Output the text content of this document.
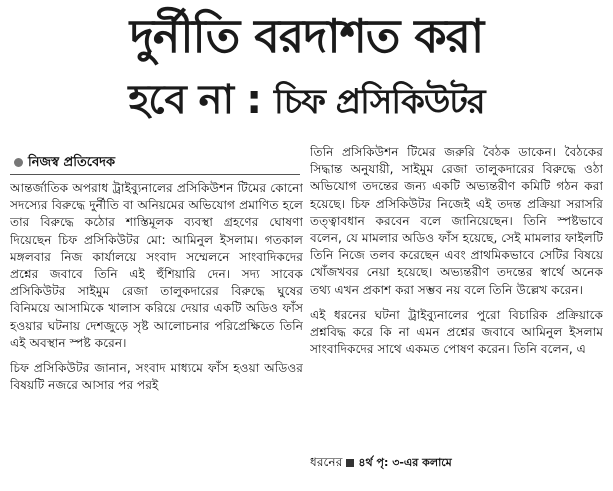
দুর্নীতি বরদাশত করা
হবে না : চিফ প্রসিকিউটর
নিজস্ব প্রতিবেদক

আন্তর্জাতিক অপরাধ ট্রাইব্যুনালের প্রসিকিউশন টিমের কোনো সদস্যের বিরুদ্ধে দুর্নীতি বা অনিয়মের অভিযোগ প্রমাণিত হলে তার বিরুদ্ধে কঠোর শাস্তিমূলক ব্যবস্থা গ্রহণের ঘোষণা দিয়েছেন চিফ প্রসিকিউটর মো: আমিনুল ইসলাম। গতকাল মঙ্গলবার নিজ কার্যালয়ে সংবাদ সম্মেলনে সাংবাদিকদের প্রশ্নের জবাবে তিনি এই হুঁশিয়ারি দেন। সদ্য সাবেক প্রসিকিউটর সাইমুম রেজা তালুকদারের বিরুদ্ধে ঘুষের বিনিময়ে আসামিকে খালাস করিয়ে দেয়ার একটি অডিও ফাঁস হওয়ার ঘটনায় দেশজুড়ে সৃষ্ট আলোচনার পরিপ্রেক্ষিতে তিনি এই অবস্থান স্পষ্ট করেন।

চিফ প্রসিকিউটর জানান, সংবাদ মাধ্যমে ফাঁস হওয়া অডিওর বিষয়টি নজরে আসার পর পরই

তিনি প্রসিকিউশন টিমের জরুরি বৈঠক ডাকেন। বৈঠকের সিদ্ধান্ত অনুযায়ী, সাইমুম রেজা তালুকদারের বিরুদ্ধে ওঠা অভিযোগ তদন্তের জন্য একটি অভ্যন্তরীণ কমিটি গঠন করা হয়েছে। চিফ প্রসিকিউটর নিজেই এই তদন্ত প্রক্রিয়া সরাসরি তত্ত্বাবধান করবেন বলে জানিয়েছেন। তিনি স্পষ্টভাবে বলেন, যে মামলার অডিও ফাঁস হয়েছে, সেই মামলার ফাইলটি তিনি নিজে তলব করেছেন এবং প্রাথমিকভাবে সেটির বিষয়ে খোঁজখবর নেয়া হয়েছে। অভ্যন্তরীণ তদন্তের স্বার্থে অনেক তথ্য এখন প্রকাশ করা সম্ভব নয় বলে তিনি উল্লেখ করেন।

এই ধরনের ঘটনা ট্রাইব্যুনালের পুরো বিচারিক প্রক্রিয়াকে প্রশ্নবিদ্ধ করে কি না এমন প্রশ্নের জবাবে আমিনুল ইসলাম সাংবাদিকদের সাথে একমত পোষণ করেন। তিনি বলেন, এ

ধরনের ৪র্থ পৃ: ৩-এর কলামে
